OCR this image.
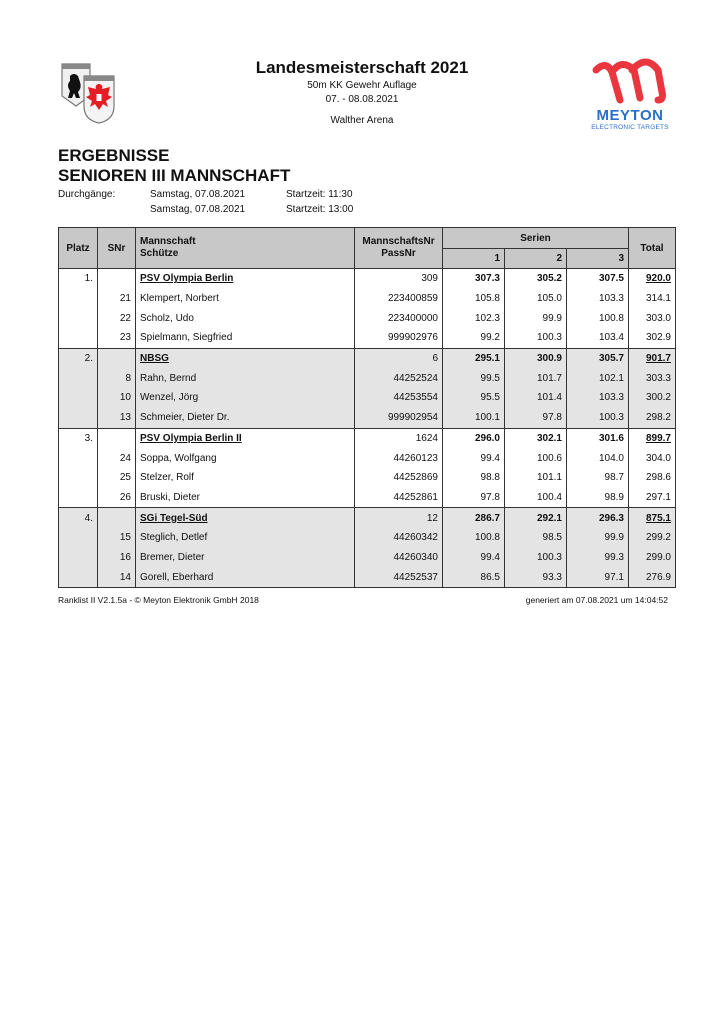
Landesmeisterschaft 2021
50m KK Gewehr Auflage
07. - 08.08.2021
Walther Arena	MEYTON
ELECTRONIC TARGETS
ERGEBNISSE
SENIOREN III MANNSCHAFT
Durchgänge:	Samstag, 07.08.2021	Startzeit: 11:30
Samstag, 07.08.2021	Startzeit: 13:00
Platz	SNr	
Mannschaft
Schütze

MannschaftsNr
PassNr
	Serien	Total
				1	2	3	
1.		PSV Olympia Berlin	309	307.3	305.2	307.5	920.0
	21	Klempert, Norbert	223400859	105.8	105.0	103.3	314.1
	22	Scholz, Udo	223400000	102.3	99.9	100.8	303.0
	23	Spielmann, Siegfried	999902976	99.2	100.3	103.4	302.9
2.		NBSG	6	295.1	300.9	305.7	901.7
	8	Rahn, Bernd	44252524	99.5	101.7	102.1	303.3
	10	Wenzel, Jörg	44253554	95.5	101.4	103.3	300.2
	13	Schmeier, Dieter Dr.	999902954	100.1	97.8	100.3	298.2
3.		PSV Olympia Berlin II	1624	296.0	302.1	301.6	899.7
	24	Soppa, Wolfgang	44260123	99.4	100.6	104.0	304.0
	25	Stelzer, Rolf	44252869	98.8	101.1	98.7	298.6
	26	Bruski, Dieter	44252861	97.8	100.4	98.9	297.1
4.		SGi Tegel-Süd	12	286.7	292.1	296.3	875.1
	15	Steglich, Detlef	44260342	100.8	98.5	99.9	299.2
	16	Bremer, Dieter	44260340	99.4	100.3	99.3	299.0
	14	Gorell, Eberhard	44252537	86.5	93.3	97.1	276.9
Ranklist II V2.1.5a - © Meyton Elektronik GmbH 2018	generiert am 07.08.2021 um 14:04:52
